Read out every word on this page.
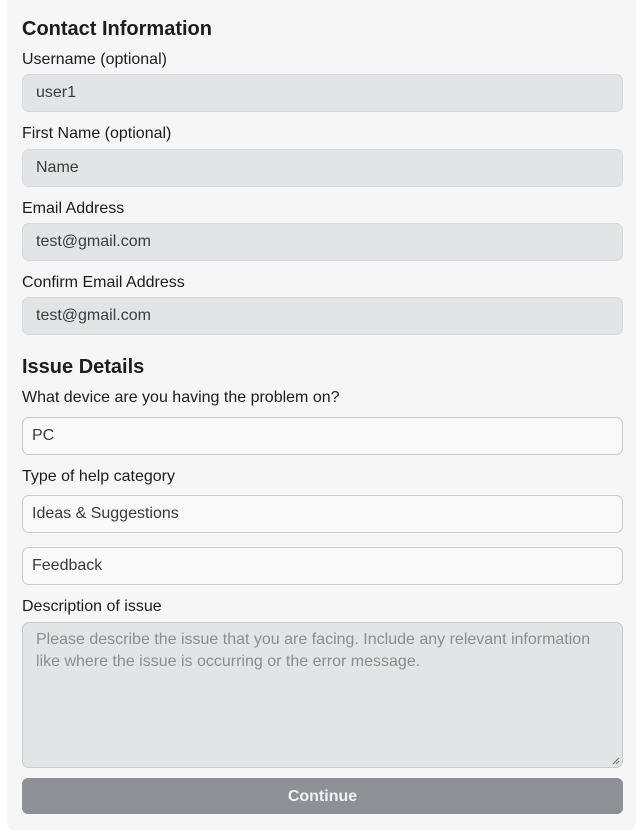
Contact Information
Username (optional)
user1
First Name (optional)
Name
Email Address
test@gmail.com
Confirm Email Address
test@gmail.com
Issue Details
What device are you having the problem on?
PC
Type of help category
Ideas & Suggestions
Feedback
Description of issue
Please describe the issue that you are facing. Include any relevant information like where the issue is occurring or the error message.
Continue
